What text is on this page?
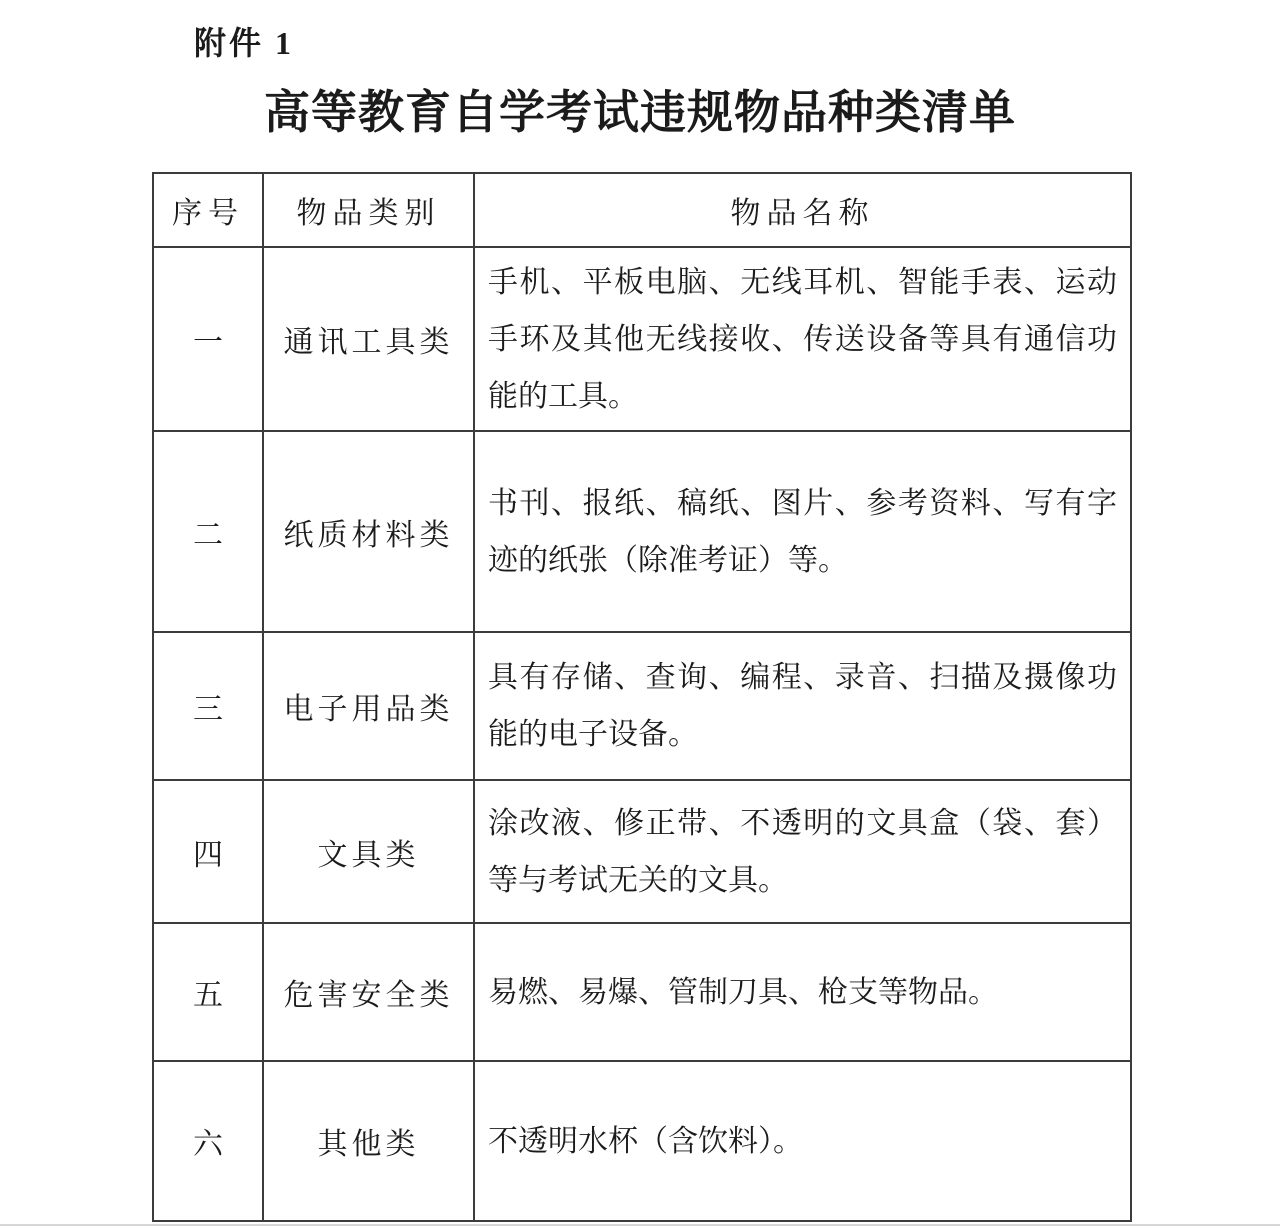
附件 1
高等教育自学考试违规物品种类清单
序号	物品类别	物品名称
一	通讯工具类	手机、平板电脑、无线耳机、智能手表、运动手环及其他无线接收、传送设备等具有通信功能的工具。
二	纸质材料类	书刊、报纸、稿纸、图片、参考资料、写有字迹的纸张（除准考证）等。
三	电子用品类	具有存储、查询、编程、录音、扫描及摄像功能的电子设备。
四	文具类	涂改液、修正带、不透明的文具盒（袋、套）等与考试无关的文具。
五	危害安全类	易燃、易爆、管制刀具、枪支等物品。
六	其他类	不透明水杯（含饮料）。
